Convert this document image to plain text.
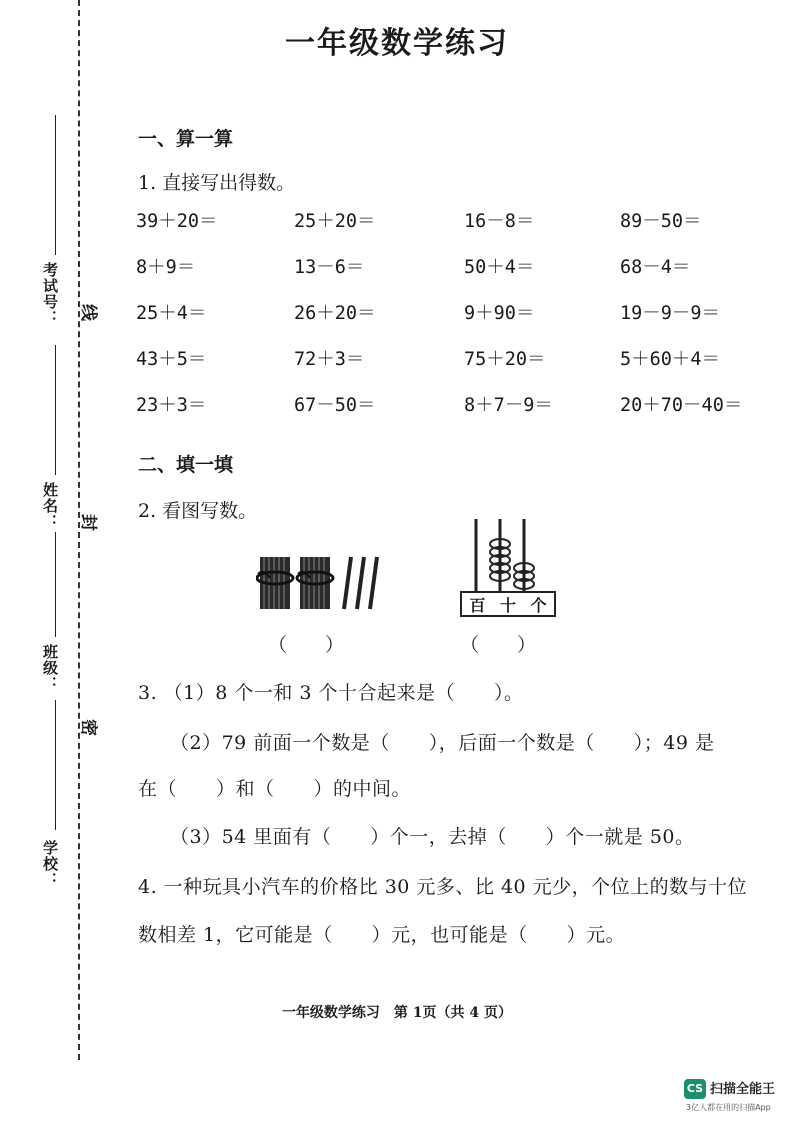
考试号：
姓名：
班级：
学校：
线
封
密
一年级数学练习
一、算一算
1. 直接写出得数。
39＋20＝	25＋20＝	16－8＝	89－50＝
8＋9＝	13－6＝	50＋4＝	68－4＝
25＋4＝	26＋20＝	9＋90＝	19－9－9＝
43＋5＝	72＋3＝	75＋20＝	5＋60＋4＝
23＋3＝	67－50＝	8＋7－9＝	20＋70－40＝
二、填一填
2. 看图写数。
百 十 个
（　　）	（　　）
3. （1）8 个一和 3 个十合起来是（　　）。
（2）79 前面一个数是（　　），后面一个数是（　　）；49 是
在（　　）和（　　）的中间。
（3）54 里面有（　　）个一，去掉（　　）个一就是 50。
4. 一种玩具小汽车的价格比 30 元多、比 40 元少，个位上的数与十位
数相差 1，它可能是（　　）元，也可能是（　　）元。
一年级数学练习　第 1页（共 4 页）
CS 扫描全能王
3亿人都在用的扫描App
